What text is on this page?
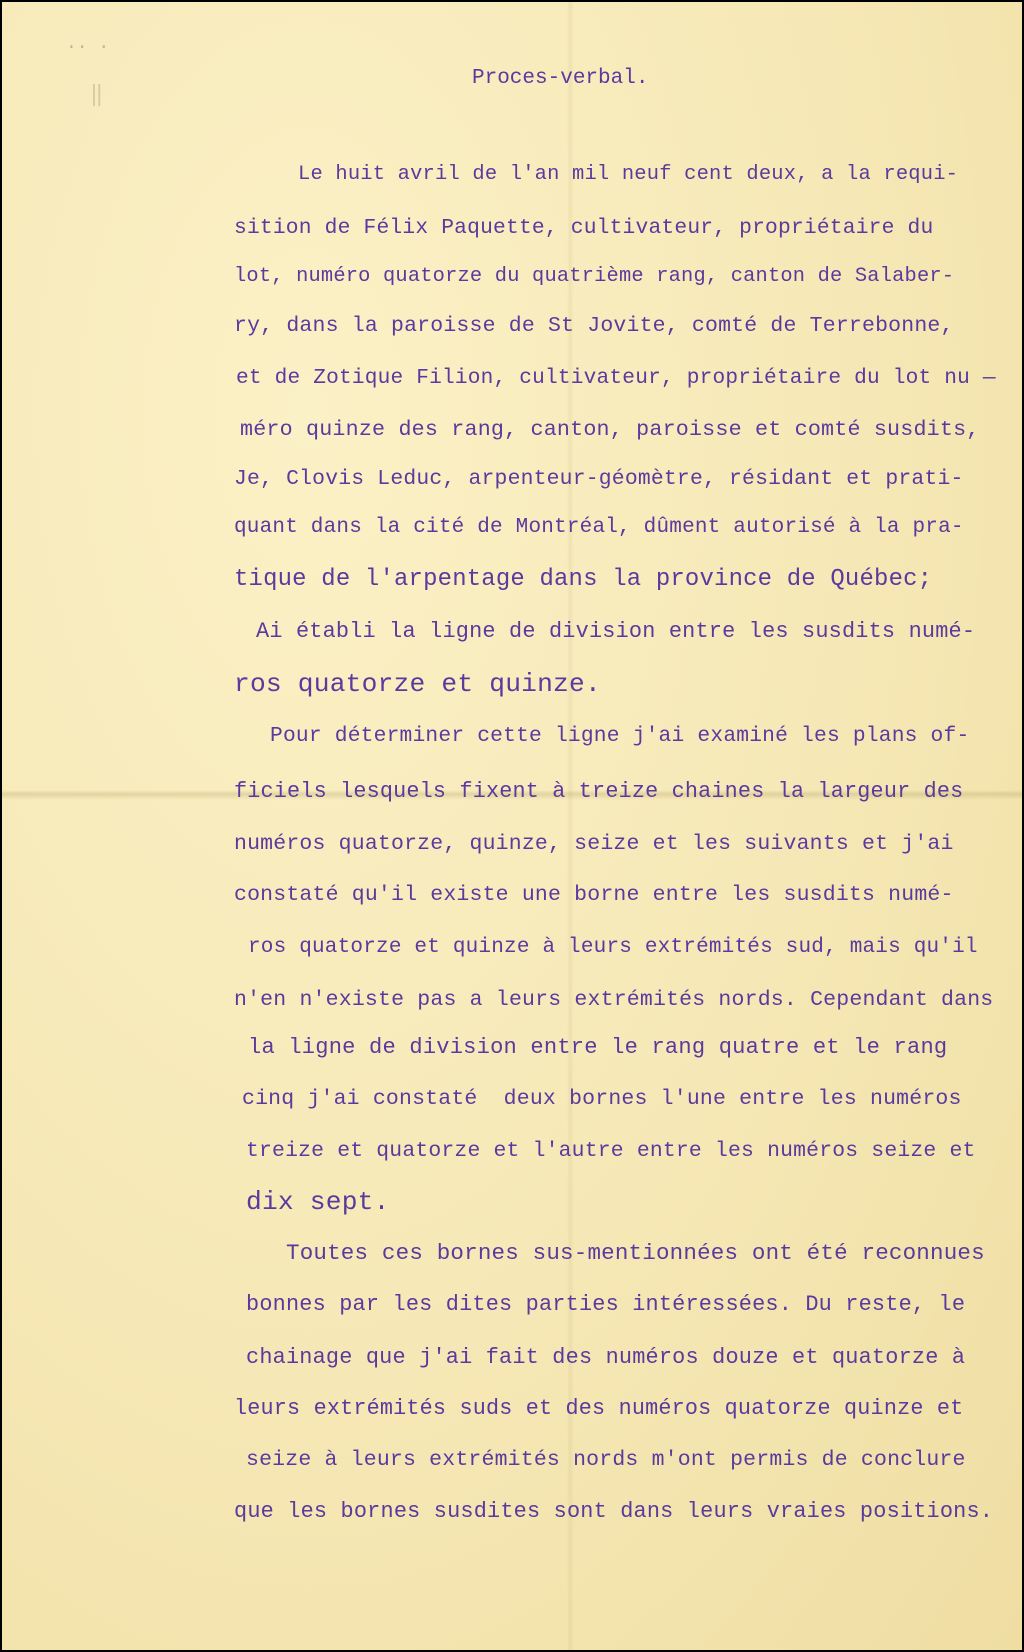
·· ·
‖
Proces-verbal.

Le huit avril de l'an mil neuf cent deux, a la requi-

sition de Félix Paquette, cultivateur, propriétaire du

lot, numéro quatorze du quatrième rang, canton de Salaber-

ry, dans la paroisse de St Jovite, comté de Terrebonne,

et de Zotique Filion, cultivateur, propriétaire du lot nu —

méro quinze des rang, canton, paroisse et comté susdits,

Je, Clovis Leduc, arpenteur-géomètre, résidant et prati-

quant dans la cité de Montréal, dûment autorisé à la pra-

tique de l'arpentage dans la province de Québec;

Ai établi la ligne de division entre les susdits numé-

ros quatorze et quinze.

Pour déterminer cette ligne j'ai examiné les plans of-

ficiels lesquels fixent à treize chaines la largeur des

numéros quatorze, quinze, seize et les suivants et j'ai

constaté qu'il existe une borne entre les susdits numé-

ros quatorze et quinze à leurs extrémités sud, mais qu'il

n'en n'existe pas a leurs extrémités nords. Cependant dans

la ligne de division entre le rang quatre et le rang

cinq j'ai constaté  deux bornes l'une entre les numéros

treize et quatorze et l'autre entre les numéros seize et

dix sept.

Toutes ces bornes sus-mentionnées ont été reconnues

bonnes par les dites parties intéressées. Du reste, le

chainage que j'ai fait des numéros douze et quatorze à

leurs extrémités suds et des numéros quatorze quinze et

seize à leurs extrémités nords m'ont permis de conclure

que les bornes susdites sont dans leurs vraies positions.
